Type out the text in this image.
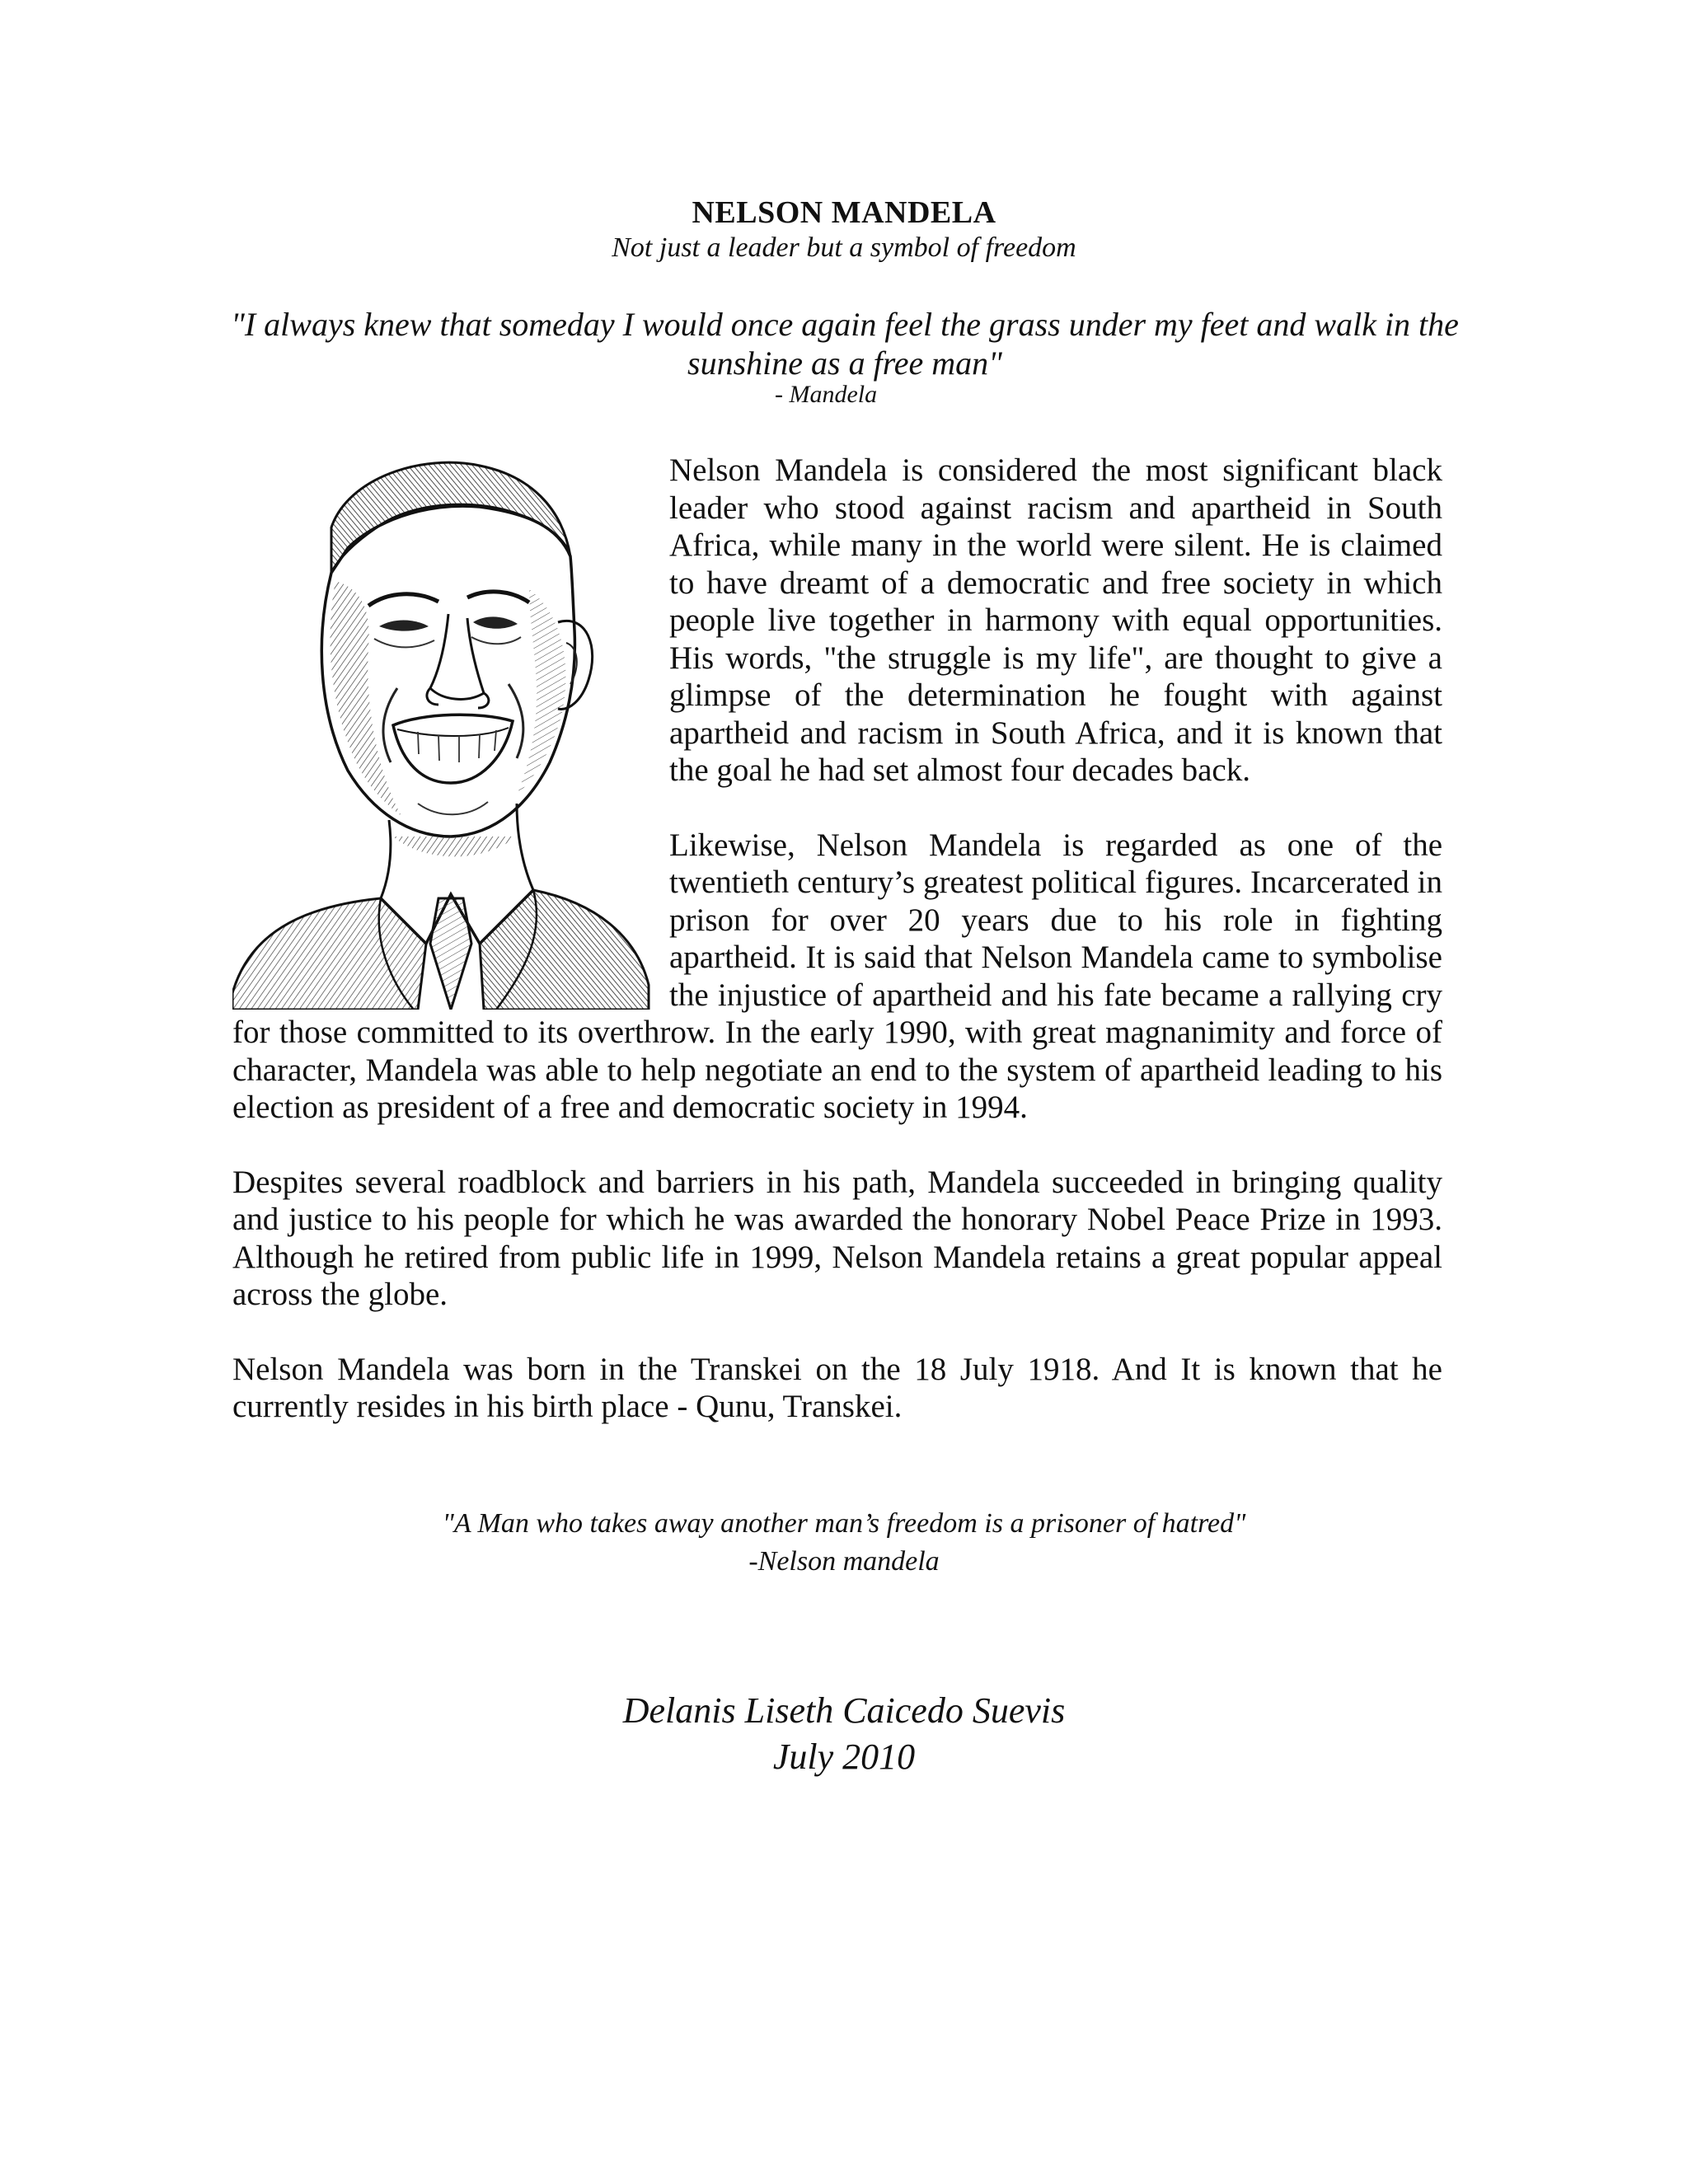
NELSON MANDELA
Not just a leader but a symbol of freedom
"I always knew that someday I would once again feel the grass under my feet and walk in the sunshine as a free man"
- Mandela

Nelson Mandela is considered the most significant black leader who stood against racism and apartheid in South Africa, while many in the world were silent. He is claimed to have dreamt of a democratic and free society in which people live together in harmony with equal opportunities. His words, "the struggle is my life", are thought to give a glimpse of the determination he fought with against apartheid and racism in South Africa, and it is known that the goal he had set almost four decades back.

Likewise, Nelson Mandela is regarded as one of the twentieth century’s greatest political figures. Incarcerated in prison for over 20 years due to his role in fighting apartheid. It is said that Nelson Mandela came to symbolise the injustice of apartheid and his fate became a rallying cry for those committed to its overthrow. In the early 1990, with great magnanimity and force of character, Mandela was able to help negotiate an end to the system of apartheid leading to his election as president of a free and democratic society in 1994.

Despites several roadblock and barriers in his path, Mandela succeeded in bringing quality and justice to his people for which he was awarded the honorary Nobel Peace Prize in 1993. Although he retired from public life in 1999, Nelson Mandela retains a great popular appeal across the globe.

Nelson Mandela was born in the Transkei on the 18 July 1918. And It is known that he currently resides in his birth place - Qunu, Transkei.

"A Man who takes away another man’s freedom is a prisoner of hatred"
-Nelson mandela
Delanis Liseth Caicedo Suevis
July 2010
